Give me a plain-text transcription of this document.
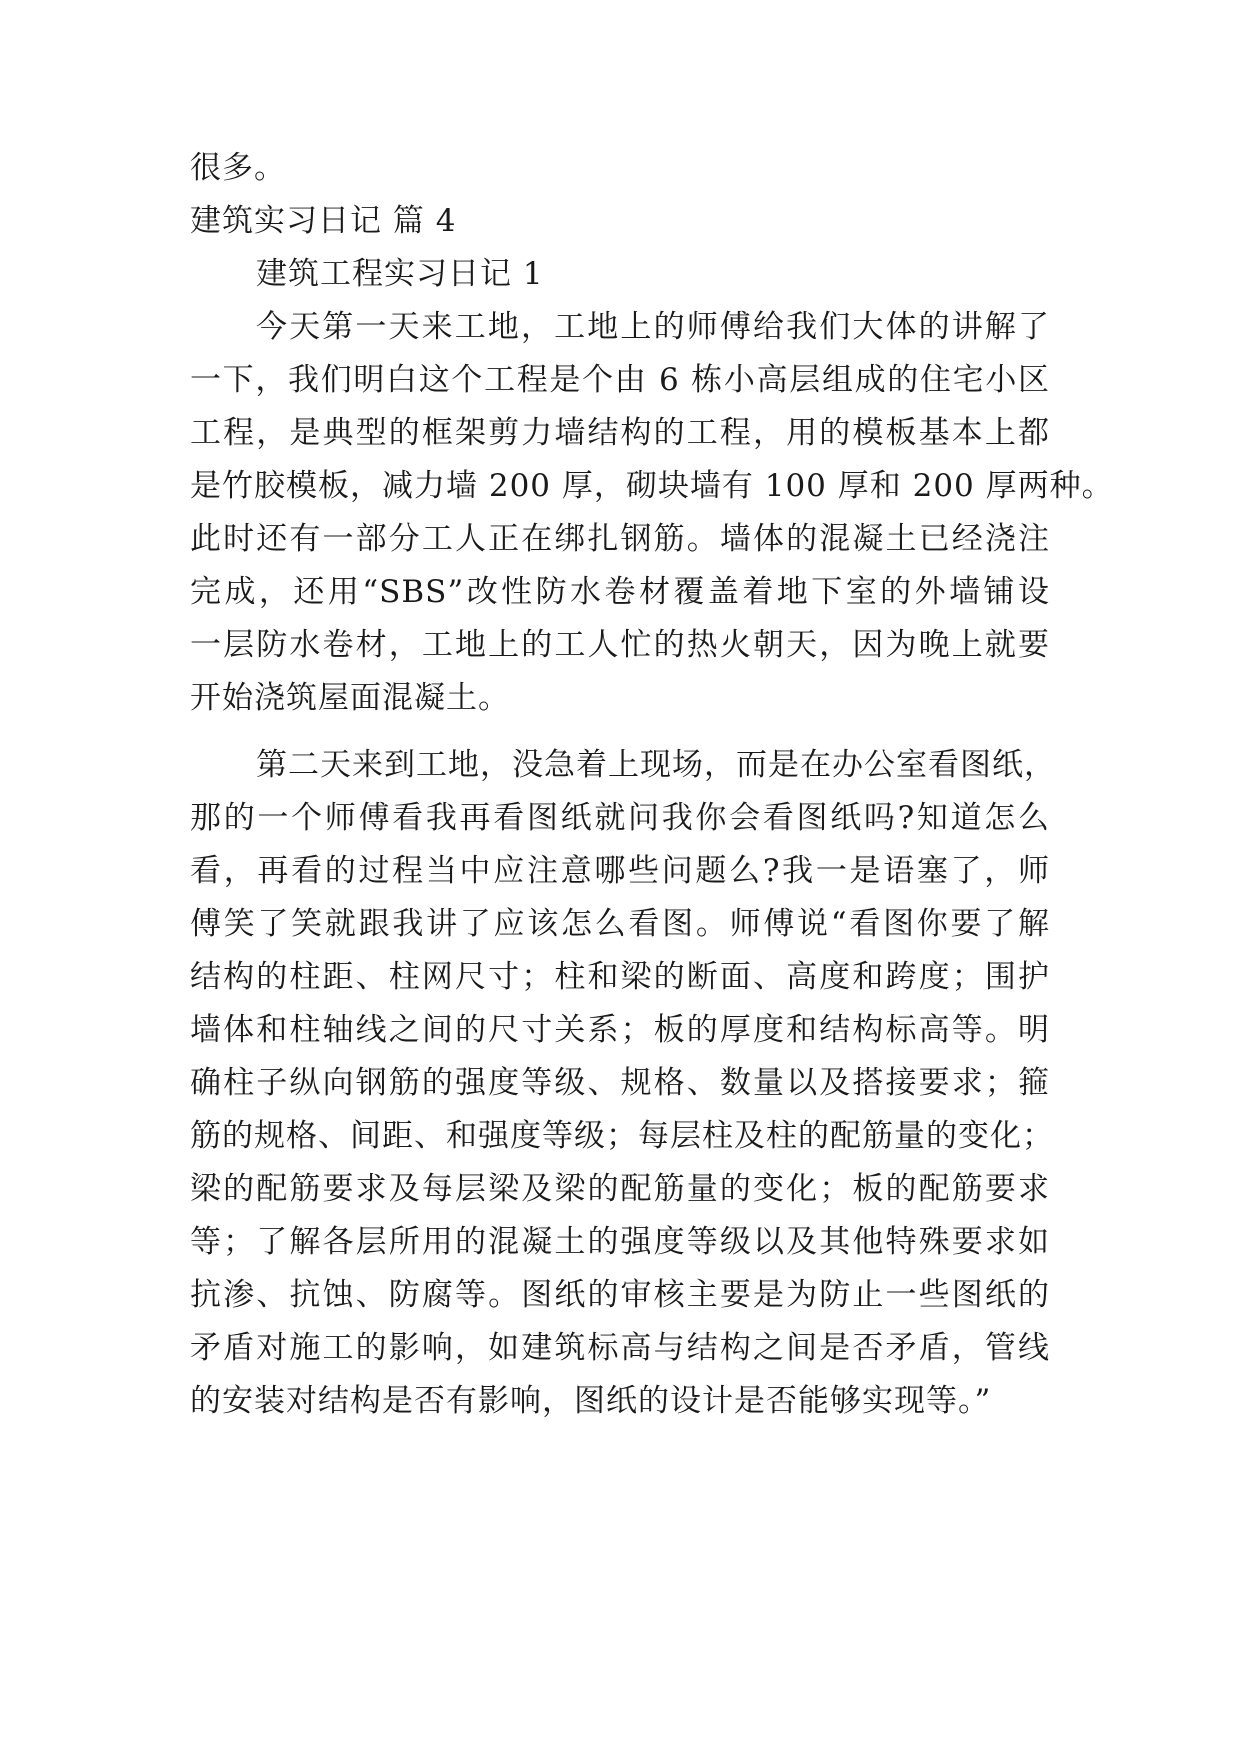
很多。
建筑实习日记 篇 4
建筑工程实习日记 1
今天第一天来工地，工地上的师傅给我们大体的讲解了
一下，我们明白这个工程是个由 6 栋小高层组成的住宅小区
工程，是典型的框架剪力墙结构的工程，用的模板基本上都
是竹胶模板，减力墙 200 厚，砌块墙有 100 厚和 200 厚两种。
此时还有一部分工人正在绑扎钢筋。墙体的混凝土已经浇注
完成，还用“SBS”改性防水卷材覆盖着地下室的外墙铺设
一层防水卷材，工地上的工人忙的热火朝天，因为晚上就要
开始浇筑屋面混凝土。
第二天来到工地，没急着上现场，而是在办公室看图纸，
那的一个师傅看我再看图纸就问我你会看图纸吗?知道怎么
看，再看的过程当中应注意哪些问题么?我一是语塞了，师
傅笑了笑就跟我讲了应该怎么看图。师傅说“看图你要了解
结构的柱距、柱网尺寸；柱和梁的断面、高度和跨度；围护
墙体和柱轴线之间的尺寸关系；板的厚度和结构标高等。明
确柱子纵向钢筋的强度等级、规格、数量以及搭接要求；箍
筋的规格、间距、和强度等级；每层柱及柱的配筋量的变化；
梁的配筋要求及每层梁及梁的配筋量的变化；板的配筋要求
等；了解各层所用的混凝土的强度等级以及其他特殊要求如
抗渗、抗蚀、防腐等。图纸的审核主要是为防止一些图纸的
矛盾对施工的影响，如建筑标高与结构之间是否矛盾，管线
的安装对结构是否有影响，图纸的设计是否能够实现等。”
